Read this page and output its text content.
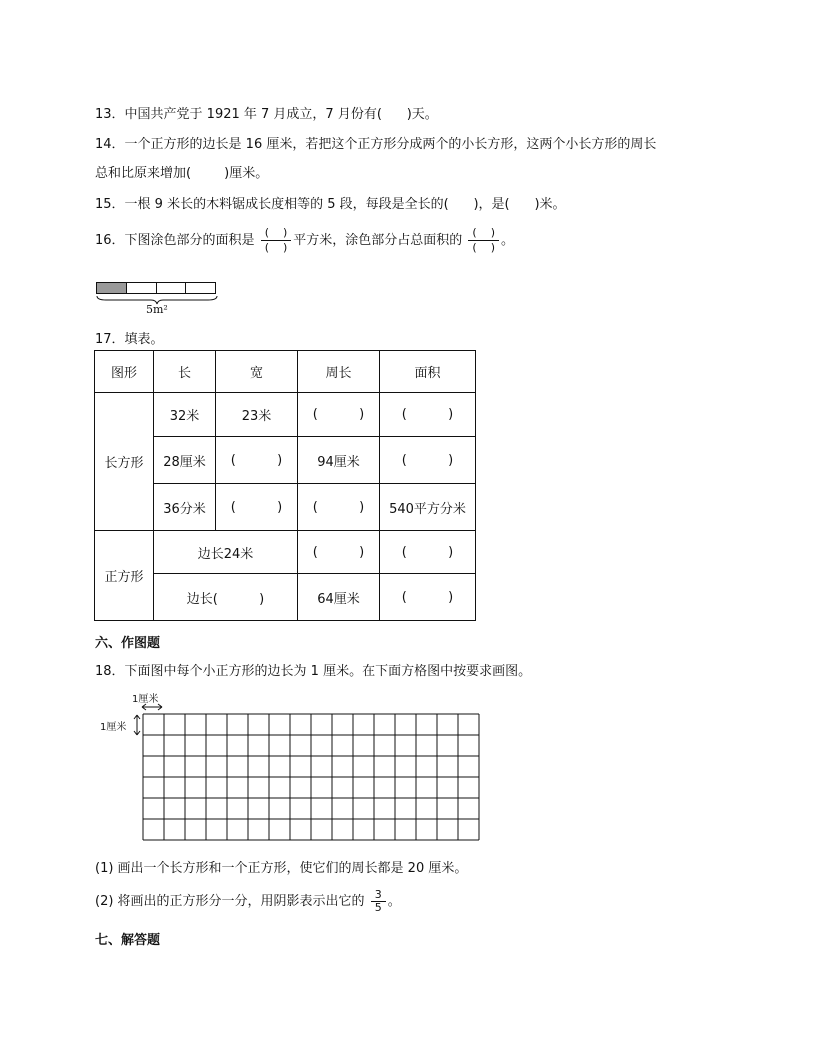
13．中国共产党于 1921 年 7 月成立，7 月份有( )天。
14．一个正方形的边长是 16 厘米，若把这个正方形分成两个的小长方形，这两个小长方形的周长
总和比原来增加(	)厘米。
15．一根 9 米长的木料锯成长度相等的 5 段，每段是全长的( )，是( )米。
16．下图涂色部分的面积是 $\frac{( )}{( )}$ 平方米，涂色部分占总面积的 $\frac{( )}{( )}$ 。
5m²
17．填表。
图形	长	宽	周长	面积
长方形	32米	23米	(          )	(          )
	28厘米	(          )	94厘米	(          )
	36分米	(          )	(          )	540平方分米
正方形	边长24米		(          )	(          )
	边长(          )		64厘米	(          )
六、作图题
18．下面图中每个小正方形的边长为 1 厘米。在下面方格图中按要求画图。
1厘米
1厘米
(1) 画出一个长方形和一个正方形，使它们的周长都是 20 厘米。
(2) 将画出的正方形分一分，用阴影表示出它的 $\frac{3}{5}$ 。
七、解答题
